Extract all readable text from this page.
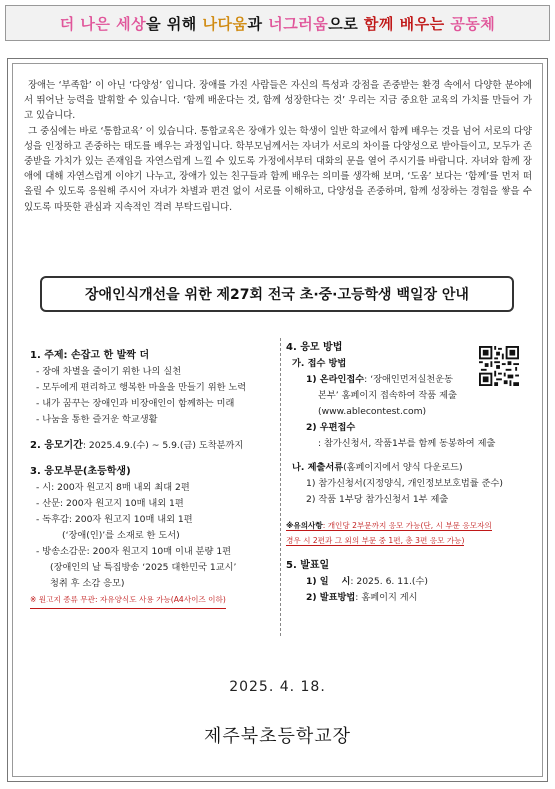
더 나은 세상 을 위해 나다움 과 너그러움 으로 함께 배우는 공동체

장애는 ‘부족함’ 이 아닌 ‘다양성’ 입니다. 장애를 가진 사람들은 자신의 특성과 강점을 존중받는 환경 속에서 다양한 분야에서 뛰어난 능력을 발휘할 수 있습니다. ‘함께 배운다는 것, 함께 성장한다는 것’ 우리는 지금 중요한 교육의 가치를 만들어 가고 있습니다.

그 중심에는 바로 ‘통합교육’ 이 있습니다. 통합교육은 장애가 있는 학생이 일반 학교에서 함께 배우는 것을 넘어 서로의 다양성을 인정하고 존중하는 태도를 배우는 과정입니다. 학부모님께서는 자녀가 서로의 차이를 다양성으로 받아들이고, 모두가 존중받을 가치가 있는 존재임을 자연스럽게 느낄 수 있도록 가정에서부터 대화의 문을 열어 주시기를 바랍니다. 자녀와 함께 장애에 대해 자연스럽게 이야기 나누고, 장애가 있는 친구들과 함께 배우는 의미를 생각해 보며, ‘도움’ 보다는 ‘함께’를 먼저 떠올릴 수 있도록 응원해 주시어 자녀가 차별과 편견 없이 서로를 이해하고, 다양성을 존중하며, 함께 성장하는 경험을 쌓을 수 있도록 따뜻한 관심과 지속적인 격려 부탁드립니다.

장애인식개선을 위한 제27회 전국 초·중·고등학생 백일장 안내
1. 주제: 손잡고 한 발짝 더
- 장애 차별을 줄이기 위한 나의 실천
- 모두에게 편리하고 행복한 마을을 만들기 위한 노력
- 내가 꿈꾸는 장애인과 비장애인이 함께하는 미래
- 나눔을 통한 즐거운 학교생활
2. 응모기간: 2025.4.9.(수) ~ 5.9.(금) 도착분까지
3. 응모부문(초등학생)
- 시: 200자 원고지 8매 내외 최대 2편
- 산문: 200자 원고지 10매 내외 1편
- 독후감: 200자 원고지 10매 내외 1편
(‘장애(인)’를 소재로 한 도서)
- 방송소감문: 200자 원고지 10매 이내 분량 1편
(장애인의 날 특집방송 ‘2025 대한민국 1교시’
청취 후 소감 응모)
※ 원고지 종류 무관: 자유양식도 사용 가능(A4사이즈 이하)
4. 응모 방법
가. 접수 방법
1) 온라인접수: ‘장애인먼저실천운동
본부’ 홈페이지 접속하여 작품 제출
(www.ablecontest.com)
2) 우편접수
: 참가신청서, 작품1부를 함께 동봉하여 제출
나. 제출서류(홈페이지에서 양식 다운로드)
1) 참가신청서(지정양식, 개인정보보호법률 준수)
2) 작품 1부당 참가신청서 1부 제출
※유의사항: 개인당 2부문까지 응모 가능(단, 시 부문 응모자의
경우 시 2편과 그 외의 부문 중 1편, 총 3편 응모 가능)
5. 발표일
1) 일    시: 2025. 6. 11.(수)
2) 발표방법: 홈페이지 게시
2025. 4. 18.
제주북초등학교장
